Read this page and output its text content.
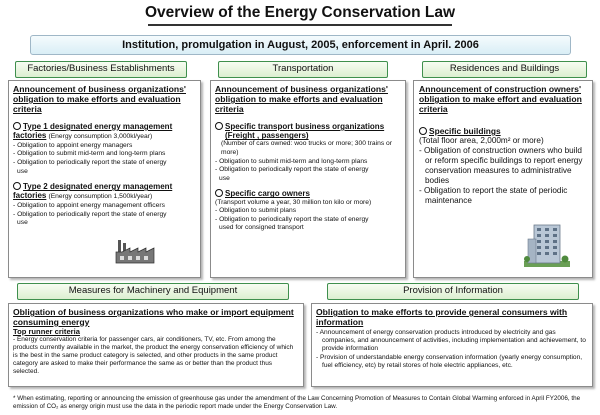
Overview of the Energy Conservation Law
Institution, promulgation in August, 2005, enforcement in April. 2006
Factories/Business Establishments	Transportation	Residences and Buildings
Announcement of business organizations' obligation to make efforts and evaluation criteria
Type 1 designated energy management factories (Energy consumption 3,000kl/year)
- Obligation to appoint energy managers
- Obligation to submit mid-term and long-term plans
- Obligation to periodically report the state of energy
use
Type 2 designated energy management factories (Energy consumption 1,500kl/year)
- Obligation to appoint energy management officers
- Obligation to periodically report the state of energy
use
Announcement of business organizations' obligation to make efforts and evaluation criteria
Specific transport business organizations
(Freight , passengers)
(Number of cars owned: woo trucks or more; 300 trains or more)
- Obligation to submit mid-term and long-term plans
- Obligation to periodically report the state of energy
use
Specific cargo owners
(Transport volume a year, 30 million ton kilo or more)
- Obligation to submit plans
- Obligation to periodically report the state of energy
used for consigned transport
Announcement of construction owners' obligation to make effort and evaluation criteria
Specific buildings
(Total floor area, 2,000m² or more)
- Obligation of construction owners who build or reform specific buildings to report energy conservation measures to administrative bodies
- Obligation to report the state of periodic maintenance
Measures for Machinery and Equipment	Provision of Information
Obligation of business organizations who make or import equipment consuming energy
Top runner criteria
- Energy conservation criteria for passenger cars, air conditioners, TV, etc. From among the products currently available in the market, the product the energy conservation efficiency of which is the best in the same product category is selected, and other products in the same product category are asked to make their performance the same as or better than the product thus selected.
Obligation to make efforts to provide general consumers with information
- Announcement of energy conservation products introduced by electricity and gas companies, and announcement of activities, including implementation and achievement, to provide information
- Provision of understandable energy conservation information (yearly energy consumption, fuel efficiency, etc) by retail stores of hole electric appliances, etc.
* When estimating, reporting or announcing the emission of greenhouse gas under the amendment of the Law Concerning Promotion of Measures to Contain Global Warming enforced in April FY2006, the emission of CO₂ as energy origin must use the data in the periodic report made under the Energy Conservation Law.
